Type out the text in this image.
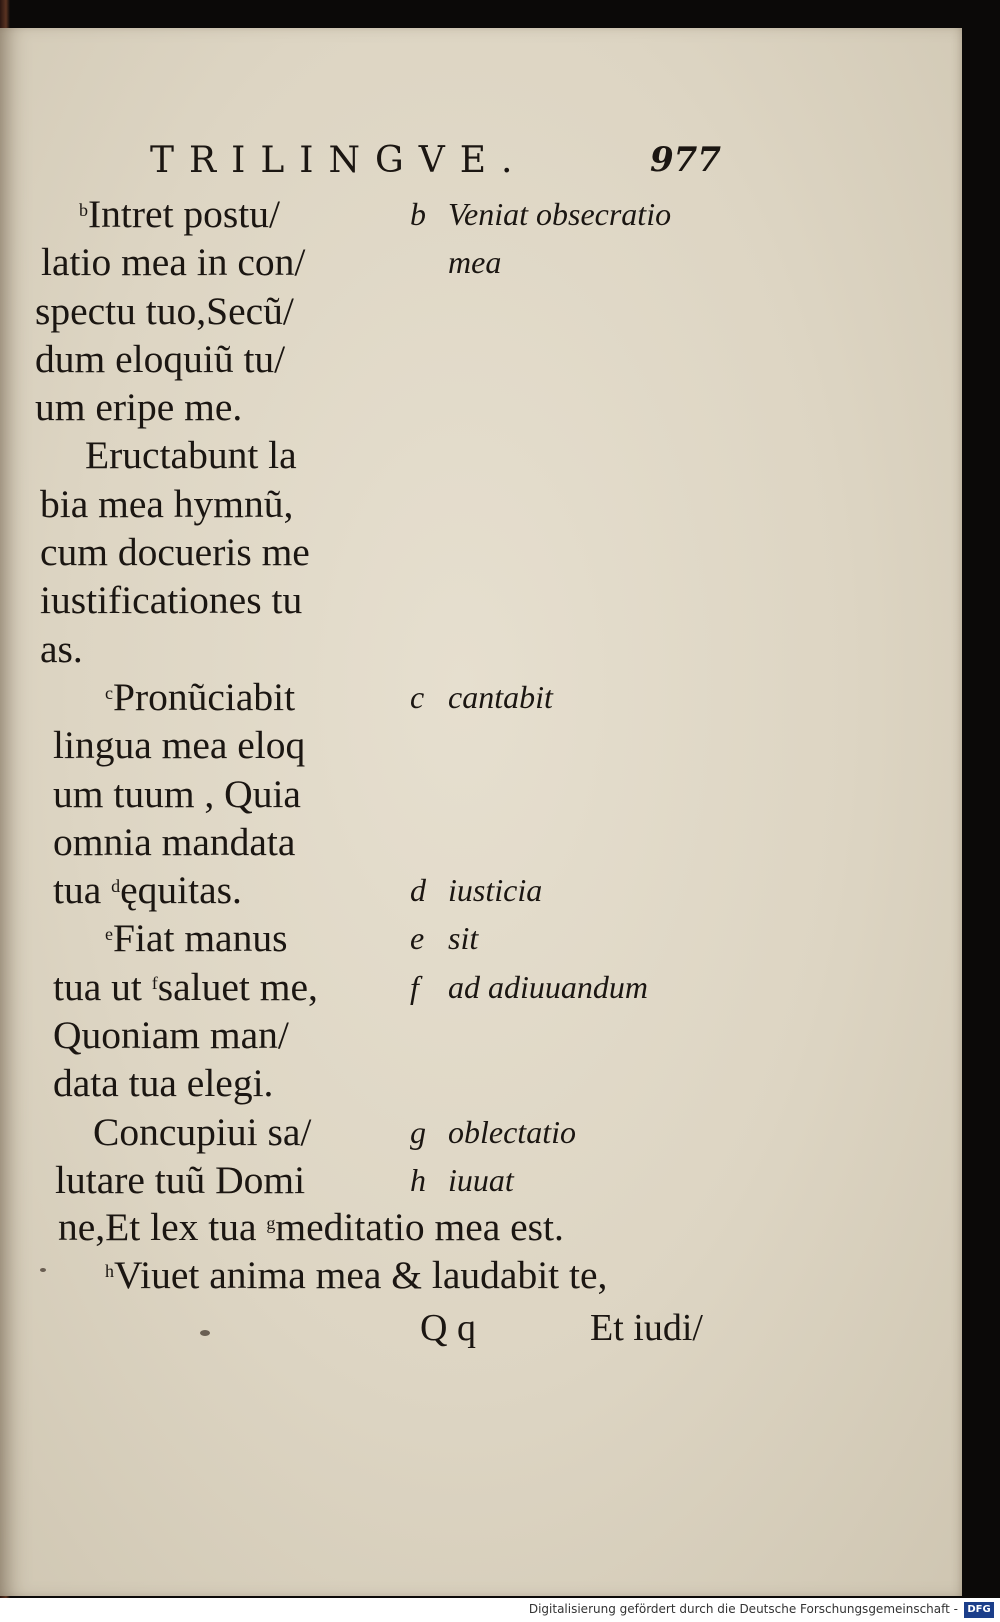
TRILINGVE.	977
$^b$Intret postu/
latio mea in con/
spectu tuo,Secũ/
dum eloquiũ tu/
um eripe me.
Eructabunt la
bia mea hymnũ,
cum docueris me
iustificationes tu
as.
$^c$Pronũciabit
lingua mea eloq
um tuum , Quia
omnia mandata
tua $^d$ęquitas.
$^e$Fiat manus
tua ut $^f$saluet me,
Quoniam man/
data tua elegi.
Concupiui sa/
lutare tuũ Domi
b Veniat obsecratio
mea
c cantabit
d iusticia
e sit
f ad adiuuandum
g oblectatio
h iuuat
ne,Et lex tua $^g$meditatio mea est.
$^h$Viuet anima mea & laudabit te,
Q q	Et iudi/
Digitalisierung gefördert durch die Deutsche Forschungsgemeinschaft - DFG
